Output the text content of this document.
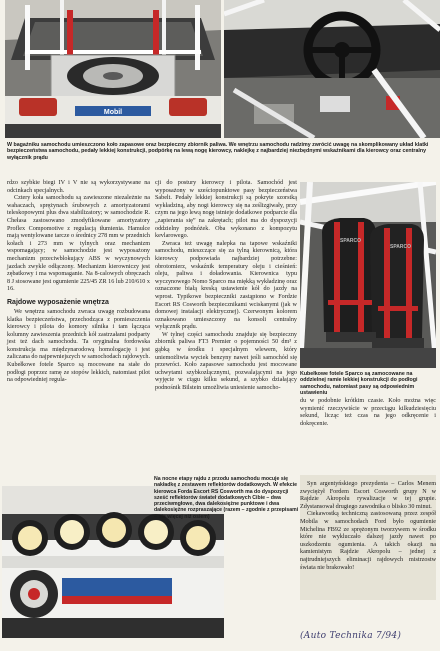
Mobil
W bagażniku samochodu umieszczono koło zapasowe oraz bezpieczny zbiornik paliwa. We wnętrzu samochodu radzimy zwrócić uwagę na skomplikowany układ klatki bezpieczeństwa samochodu, pedały lekkiej konstrukcji, podpórkę na lewą nogę kierowcy, naklejkę z najbardziej niezbędnymi wskaźnikami dla kierowcy oraz centralny wyłącznik prądu

rdzo szybkie biegi IV i V nie są wykorzystywane na odcinkach specjalnych.

Cztery koła samochodu są zawieszone niezależnie na wahaczach, sprężynach śrubowych z amortyzatorami teleskopowymi plus dwa stabilizatory; w samochodzie R. Chełasa zastosowano zmodyfikowane amortyzatory Proflex Compomotive z regulacją tłumienia. Hamulce mają wentylowane tarcze o średnicy 278 mm w przednich kołach i 273 mm w tylnych oraz mechanizm wspomagający; w samochodzie jest wyposażony mechanizm przeciwblokujący ABS w wyczynowych jazdach zwykle odłączony. Mechanizm kierowniczy jest zębatkowy i ma wspomaganie. Na 8-calowych obręczach 8 J stosowane jest ogumienie 225/45 ZR 16 lub 210/610 x 16.

Rajdowe wyposażenie wnętrza

We wnętrzu samochodu zwraca uwagę rozbudowana klatka bezpieczeństwa, przechodząca z pomieszczenia kierowcy i pilota do komory silnika i tam łącząca kolumny zawieszenia przednich kół zastrzałami podparty jest też dach samochodu. Ta oryginalna fordowska konstrukcja ma międzynarodową homologację i jest zaliczana do najpewniejszych w samochodach rajdowych. Kubełkowe fotele Sparco są mocowane na stałe do podłogi poprzez ramę ze stopów lekkich, natomiast pilot na odpowiedniej regula-

cji do postury kierowcy i pilota. Samochód jest wyposażony w sześciopunktowe pasy bezpieczeństwa Sabelt. Pedały lekkiej konstrukcji są pokryte szorstką wykładziną, aby nogi kierowcy się na ześlizgiwały, przy czym na jego lewą nogę istnieje dodatkowe podparcie dla „zapierania się” na zakrętach; pilot ma do dyspozycji oddzielny podnóżek. Oba wykonano z kompozytu kevlarowego.

Zwraca też uwagę nalepka na tapowe wskaźniki samochodu, mieszczące się za tylną kierownicą, która kierowcy podpowiada najbardziej potrzebne: obrotomierz, wskaźnik temperatury oleju i cieśnień: oleju, paliwa i doładowania. Kierownica typu wyczynowego Nomo Sparco ma miękką wykładzinę oraz oznaczone białą kreską ustawienie kół do jazdy na wprost. Typikowe bezpieczniki zastąpiono w Fordzie Escort RS Cosworth bezpiecznikami wciskanymi (jak w domowej instalacji elektrycznej). Czerwonym kolorem oznakowano umieszczony na konsoli centralny wyłącznik prądu.

W tylnej części samochodu znajduje się bezpieczny zbiornik paliwa FT3 Premier o pojemności 50 dm³ z gąbką w środku i specjalnym wlewem, który uniemożliwia wyciek benzyny nawet jeśli samochód się przewróci. Koło zapasowe samochodu jest mocowane uchwytami szybkozłącznymi, pozwalającymi na jego wyjęcie w ciągu kilku sekund, a szybko działający podnośnik Bilstein umożliwia uniesienie samocho-

SPARCO
SPARCO
Kubełkowe fotele Sparco są zamocowane na oddzielnej ramie lekkiej konstrukcji do podłogi samochodu, natomiast pasy są odpowiednim ustawieniu

du w podobnie krótkim czasie. Koło można więc wymienić rzeczywiście w przeciągu kilkudziesięciu sekund, licząc też czas na jego odkręcenie i dokręcenie.

Syn argentyńskiego prezydenta – Carlos Menem zwyciężył Fordem Escort Cosworth grupy N w Rajdzie Akropolu rywalizacje w tej grupie. Zdystansował drugiego zawodnika o blisko 30 minut.

Ciekawostką techniczną zastosowaną przez zespół Mobila w samochodach Ford było ogumienie Michelina FB92 ze sprężonym tworzywem w środku które nie wykluczało dalszej jazdy nawet po uszkodzeniu ogumienia. A takich okazji na kamienistym Rajdzie Akropolu – jednej z najtrudniejszych eliminacji rajdowych mistrzostw świata nie brakowało!

Na nocne etapy rajdu z przodu samochodu mocuje się nakładkę z zestawem reflektorów dodatkowych. W efekcie kierowca Forda Escort RS Cosworth ma do dyspozycji sześć reflektorów świateł dodatkowych Cibie – dwa przeciwmgłowe, dwa dalekosiężne punktowe i dwa dalekosiężne rozpraszające (razem – zgodnie z przepisami – nie więcej niż osiem)
(Auto Technika 7/94)
